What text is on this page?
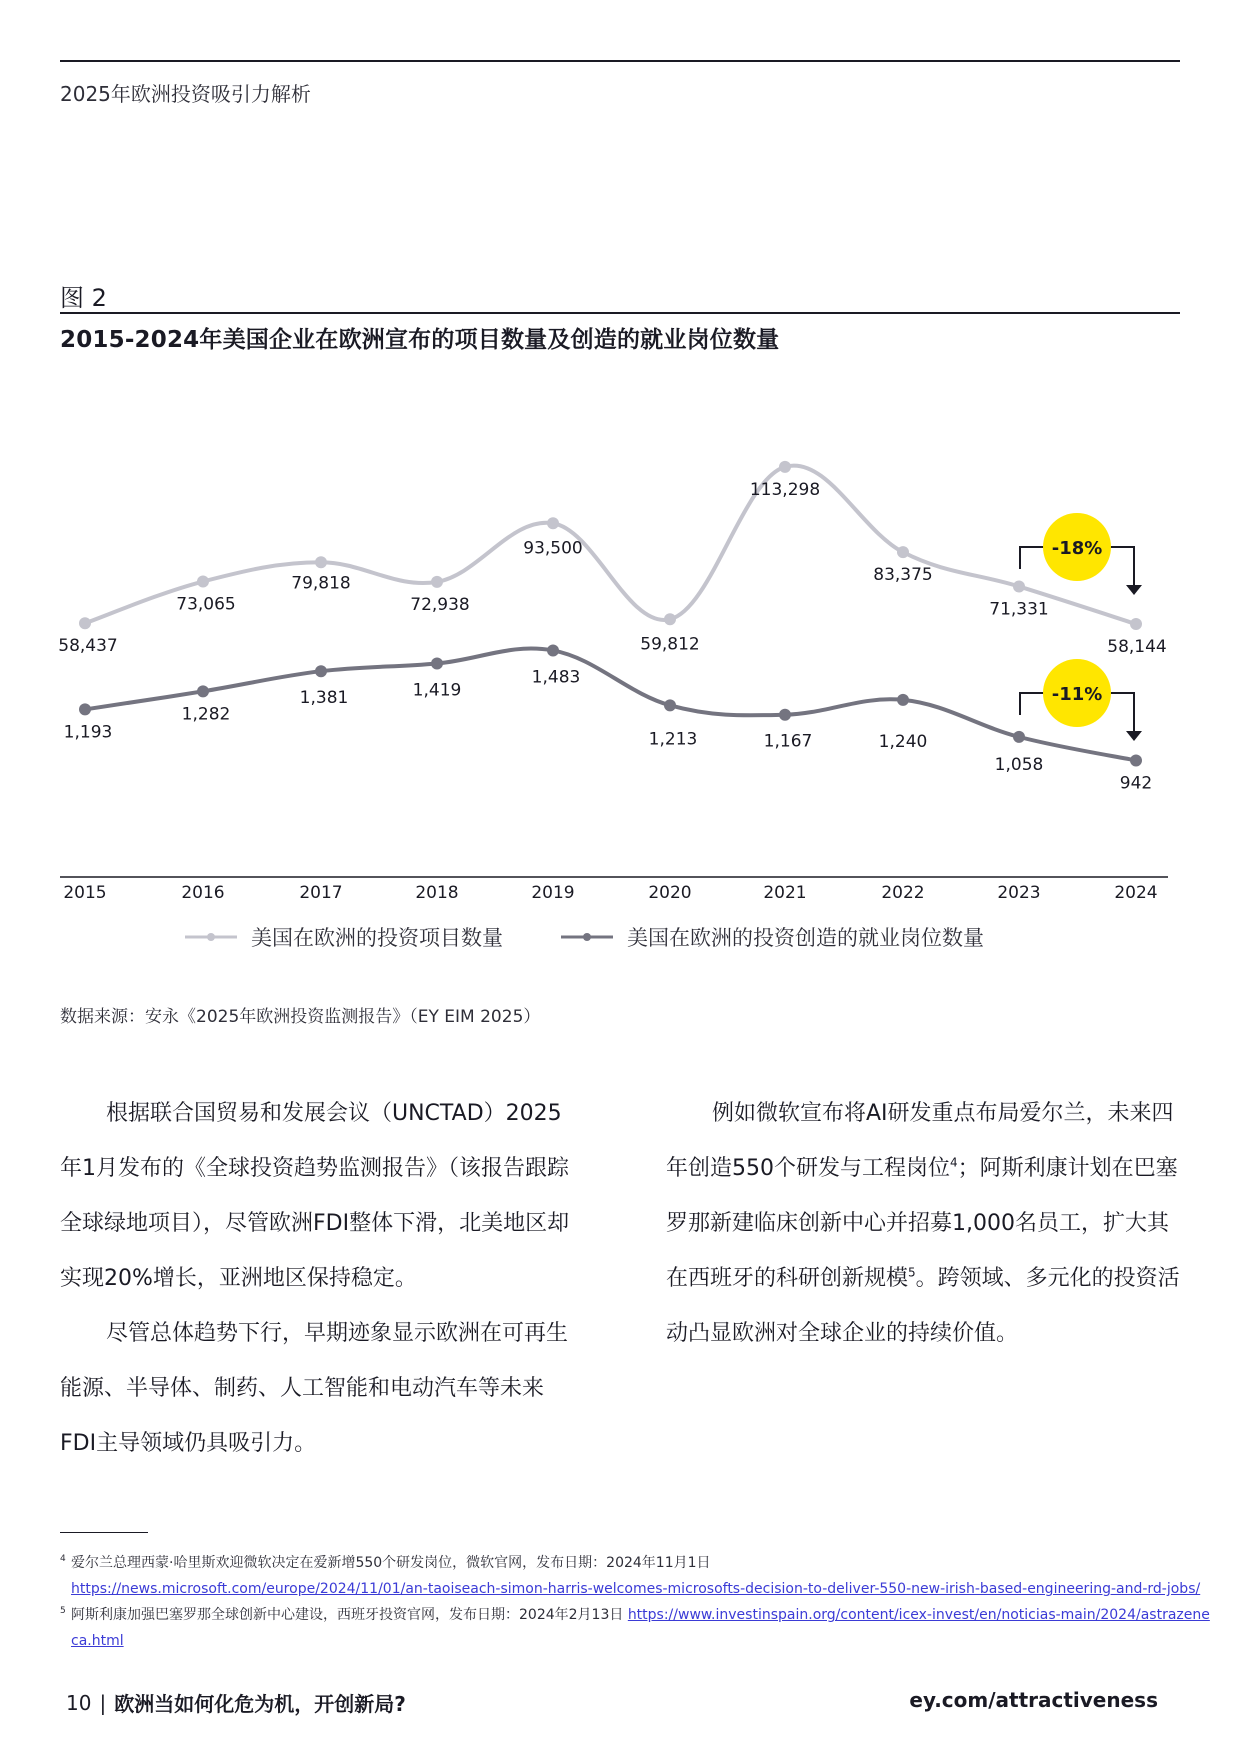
2025年欧洲投资吸引力解析
图 2
2015-2024年美国企业在欧洲宣布的项目数量及创造的就业岗位数量
58,437
73,065
79,818
72,938
93,500
59,812
113,298
83,375
71,331
58,144
1,193
1,282
1,381	1,419
1,483
1,213	1,167	1,240
1,058
942
-18%
-11%
2015	2016	2017	2018	2019	2020	2021	2022	2023	2024
美国在欧洲的投资项目数量	美国在欧洲的投资创造的就业岗位数量
数据来源：安永《2025年欧洲投资监测报告》（EY EIM 2025）

根据联合国贸易和发展会议（UNCTAD）2025年1月发布的《全球投资趋势监测报告》（该报告跟踪全球绿地项目），尽管欧洲FDI整体下滑，北美地区却实现20%增长，亚洲地区保持稳定。

尽管总体趋势下行，早期迹象显示欧洲在可再生能源、半导体、制药、人工智能和电动汽车等未来FDI主导领域仍具吸引力。

例如微软宣布将AI研发重点布局爱尔兰，未来四年创造550个研发与工程岗位$^4$；阿斯利康计划在巴塞罗那新建临床创新中心并招募1,000名员工，扩大其在西班牙的科研创新规模$^5$。跨领域、多元化的投资活动凸显欧洲对全球企业的持续价值。

4 爱尔兰总理西蒙·哈里斯欢迎微软决定在爱新增550个研发岗位，微软官网，发布日期：2024年11月1日
https://news.microsoft.com/europe/2024/11/01/an-taoiseach-simon-harris-welcomes-microsofts-decision-to-deliver-550-new-irish-based-engineering-and-rd-jobs/
5 阿斯利康加强巴塞罗那全球创新中心建设，西班牙投资官网，发布日期：2024年2月13日 https://www.investinspain.org/content/icex-invest/en/noticias-main/2024/astrazeneca.html
10 | 欧洲当如何化危为机，开创新局?	ey.com/attractiveness
